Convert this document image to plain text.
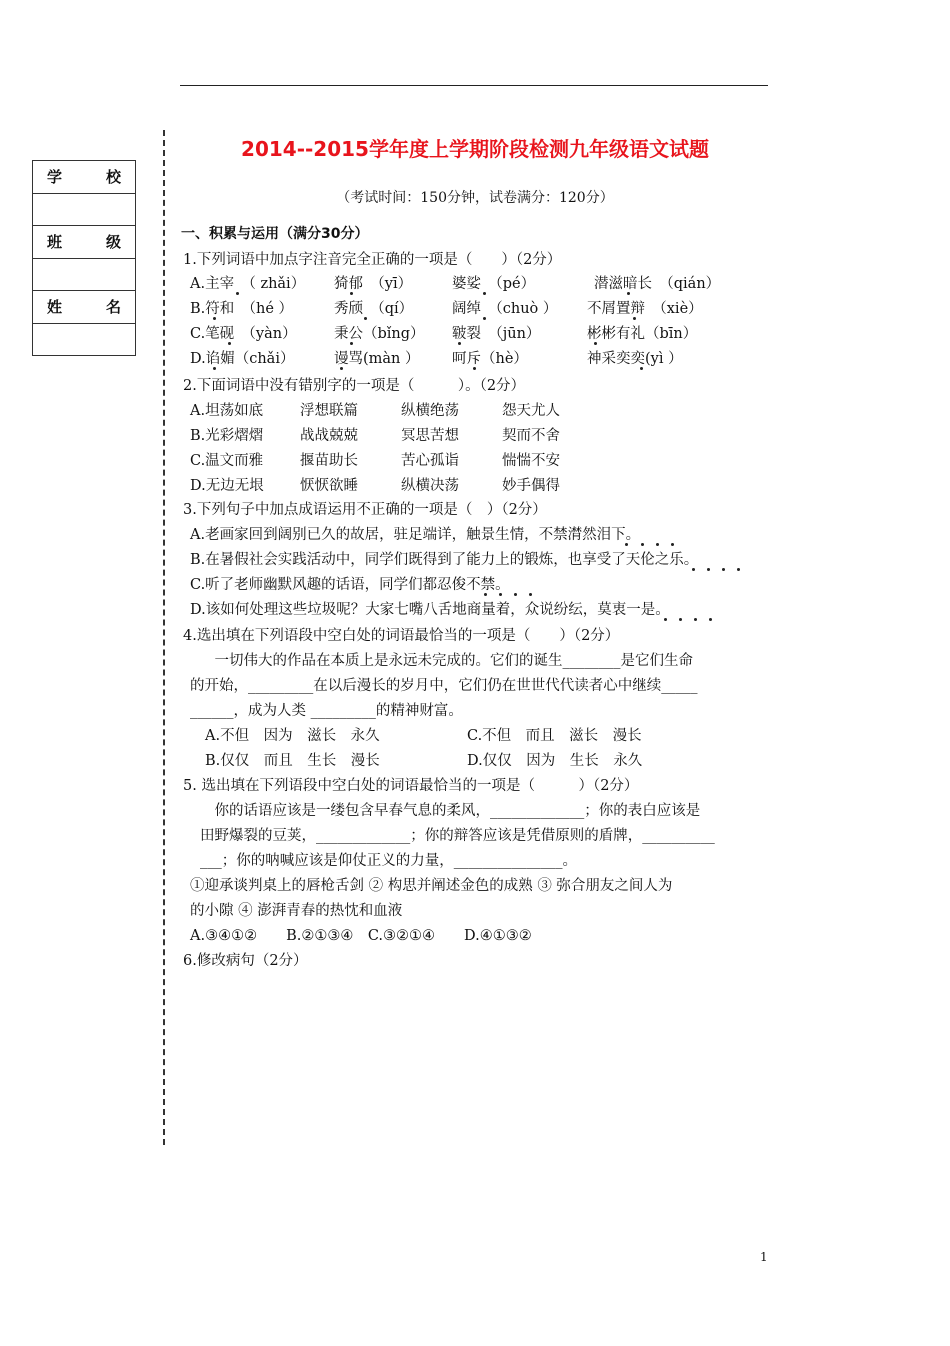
学	校

班	级

姓	名

2014--2015学年度上学期阶段检测九年级语文试题
（考试时间：150分钟，试卷满分：120分）
一、积累与运用（满分30分）
1.下列词语中加点字注音完全正确的一项是（　　）（2分）
A.主宰　（ zhǎi） 猗郁　（yī）	婆娑　（pé）	潜滋暗长　（qián）
B.符和　（hé ）	秀颀　（qí）	阔绰　（chuò ） 不屑置辩　（xiè）
C.笔砚　（yàn）	秉公（bǐng） 皲裂　（jūn）	彬彬有礼（bīn）
D.谄媚（chǎi）	谩骂(màn ） 呵斥（hè）	神采奕奕(yì ）
2.下面词语中没有错别字的一项是（　　　）。（2分）
A.坦荡如底	浮想联篇	纵横绝荡	怨天尤人
B.光彩熠熠	战战兢兢	冥思苦想	契而不舍
C.温文而雅	揠苗助长	苦心孤诣	惴惴不安
D.无边无垠	恹恹欲睡	纵横决荡	妙手偶得
3.下列句子中加点成语运用不正确的一项是（　）（2分）
A.老画家回到阔别已久的故居，驻足端详，触景生情，不禁潸然泪下。
B.在暑假社会实践活动中，同学们既得到了能力上的锻炼，也享受了天伦之乐。
C.听了老师幽默风趣的话语，同学们都忍俊不禁。
D.该如何处理这些垃圾呢？大家七嘴八舌地商量着，众说纷纭，莫衷一是。
4.选出填在下列语段中空白处的词语最恰当的一项是（　　）（2分）
　一切伟大的作品在本质上是永远未完成的。它们的诞生________是它们生命
的开始，_________在以后漫长的岁月中，它们仍在世世代代读者心中继续_____
______，成为人类 _________的精神财富。
A.不但　因为　滋长　永久	C.不但　而且　滋长　漫长
B.仅仅　而且　生长　漫长	D.仅仅　因为　生长　永久
5. 选出填在下列语段中空白处的词语最恰当的一项是（　　　）（2分）
　你的话语应该是一缕包含早春气息的柔风，_____________；你的表白应该是
田野爆裂的豆荚，_____________；你的辩答应该是凭借原则的盾牌，__________
___；你的呐喊应该是仰仗正义的力量，_______________。
①迎承谈判桌上的唇枪舌剑 ② 构思并阐述金色的成熟 ③ 弥合朋友之间人为
的小隙 ④ 澎湃青春的热忱和血液
A.③④①②　　B.②①③④　C.③②①④　　D.④①③②
6.修改病句（2分）
1
